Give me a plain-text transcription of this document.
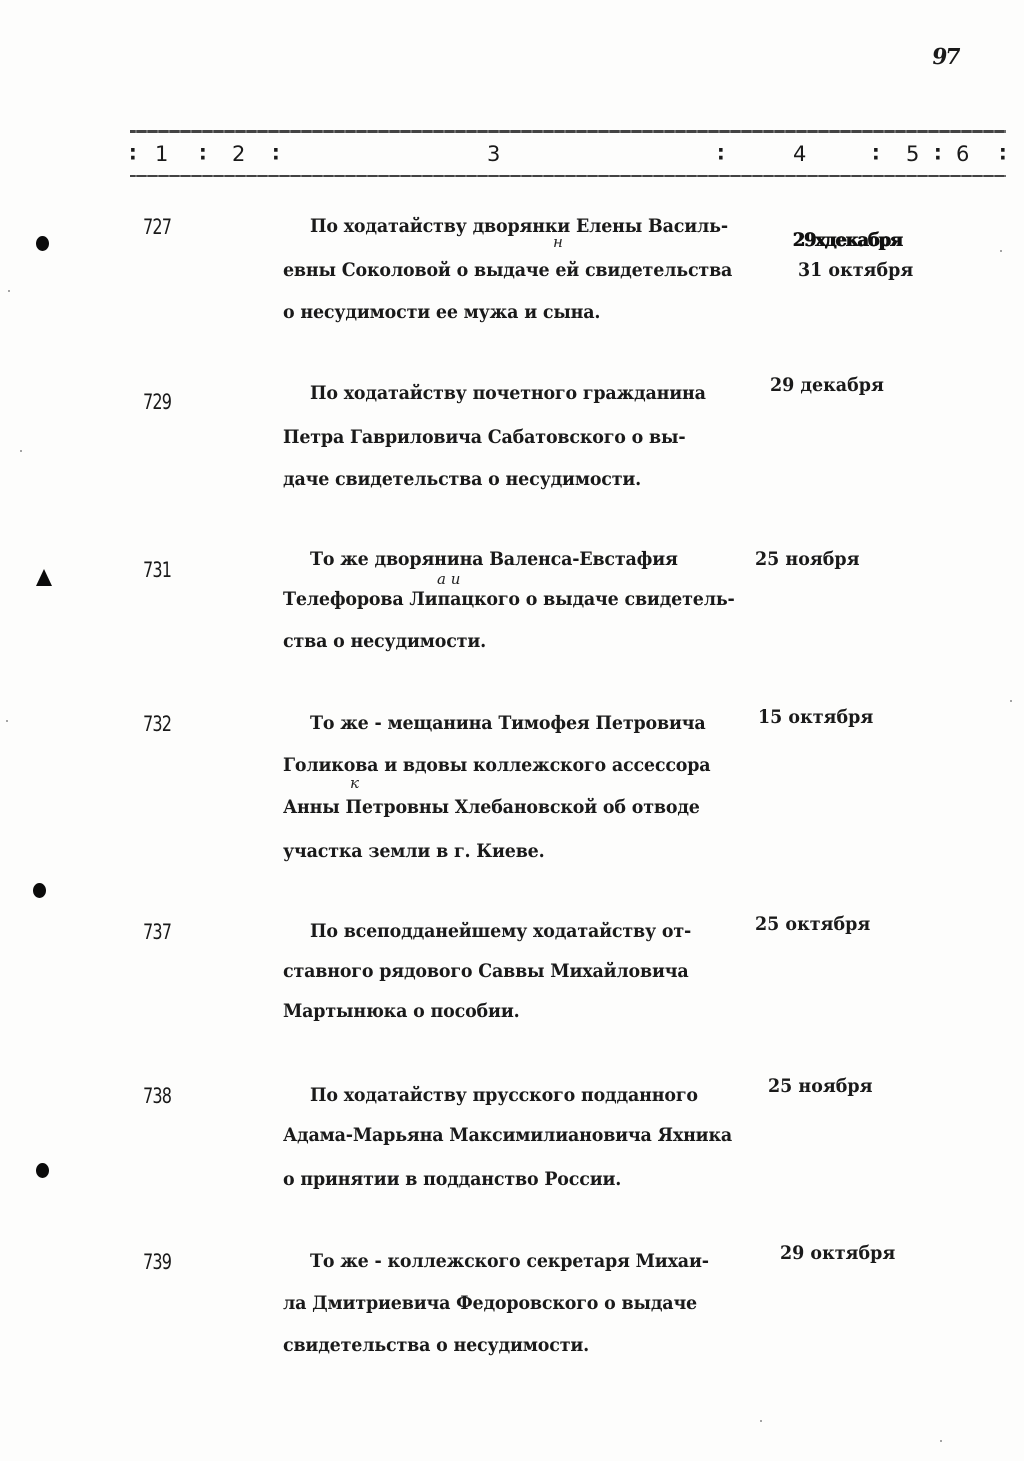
97
∶ 1 ∶ 2 ∶	3	∶	4	∶ 5 ∶ 6 ∶
727	По ходатайству дворянки Елены Василь-
н	29хдекабря
евны Соколовой о выдаче ей свидетельства	31 октября
о несудимости ее мужа и сына.
729	По ходатайству почетного гражданина	29 декабря
Петра Гавриловича Сабатовского о вы-
даче свидетельства о несудимости.
731	То же дворянина Валенса-Евстафия	25 ноября
а и
Телефорова Липацкого о выдаче свидетель-
ства о несудимости.
732	То же - мещанина Тимофея Петровича	15 октября
Голикова и вдовы коллежского ассессора
к
Анны Петровны Хлебановской об отводе
участка земли в г. Киеве.
737	По всеподданейшему ходатайству от-	25 октября
ставного рядового Саввы Михайловича
Мартынюка о пособии.
738	По ходатайству прусского подданного	25 ноября
Адама-Марьяна Максимилиановича Яхника
о принятии в подданство России.
739	То же - коллежского секретаря Михаи-	29 октября
ла Дмитриевича Федоровского о выдаче
свидетельства о несудимости.
